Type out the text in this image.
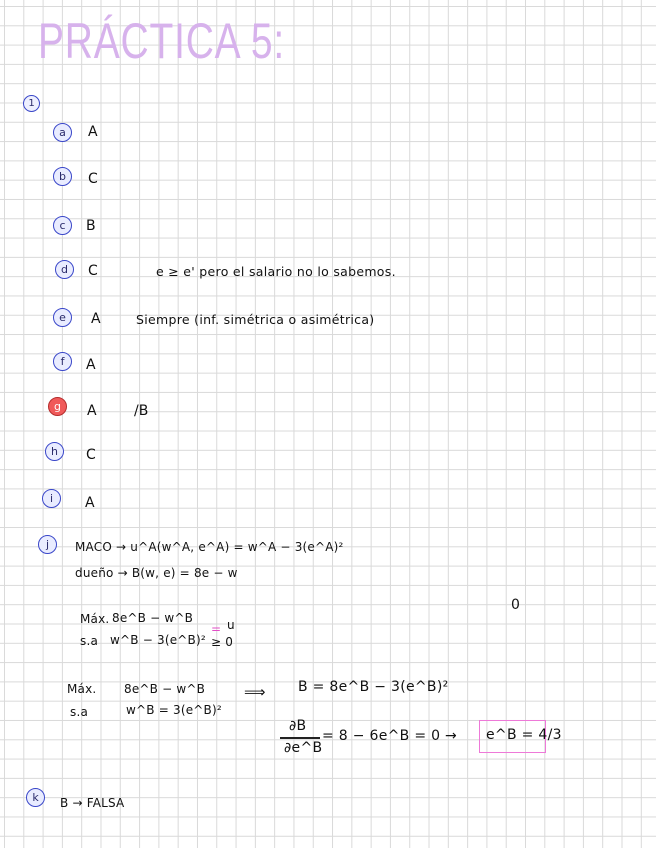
PRÁCTICA 5:
1
a	A
b	C
c	B
d	C	e ≥ e' pero el salario no lo sabemos.
e	A	Siempre (inf. simétrica o asimétrica)
f	A
g	A	/B
h	C
i	A
j	MACO → u^A(w^A, e^A) = w^A − 3(e^A)²
dueño → B(w, e) = 8e − w
0
Máx. 8e^B − w^B
s.a w^B − 3(e^B)²
= u
≥ 0
Máx. 8e^B − w^B
s.a	w^B = 3(e^B)²
⟹ B = 8e^B − 3(e^B)²
∂B
∂e^B
= 8 − 6e^B = 0 → e^B = 4/3
k	B → FALSA
